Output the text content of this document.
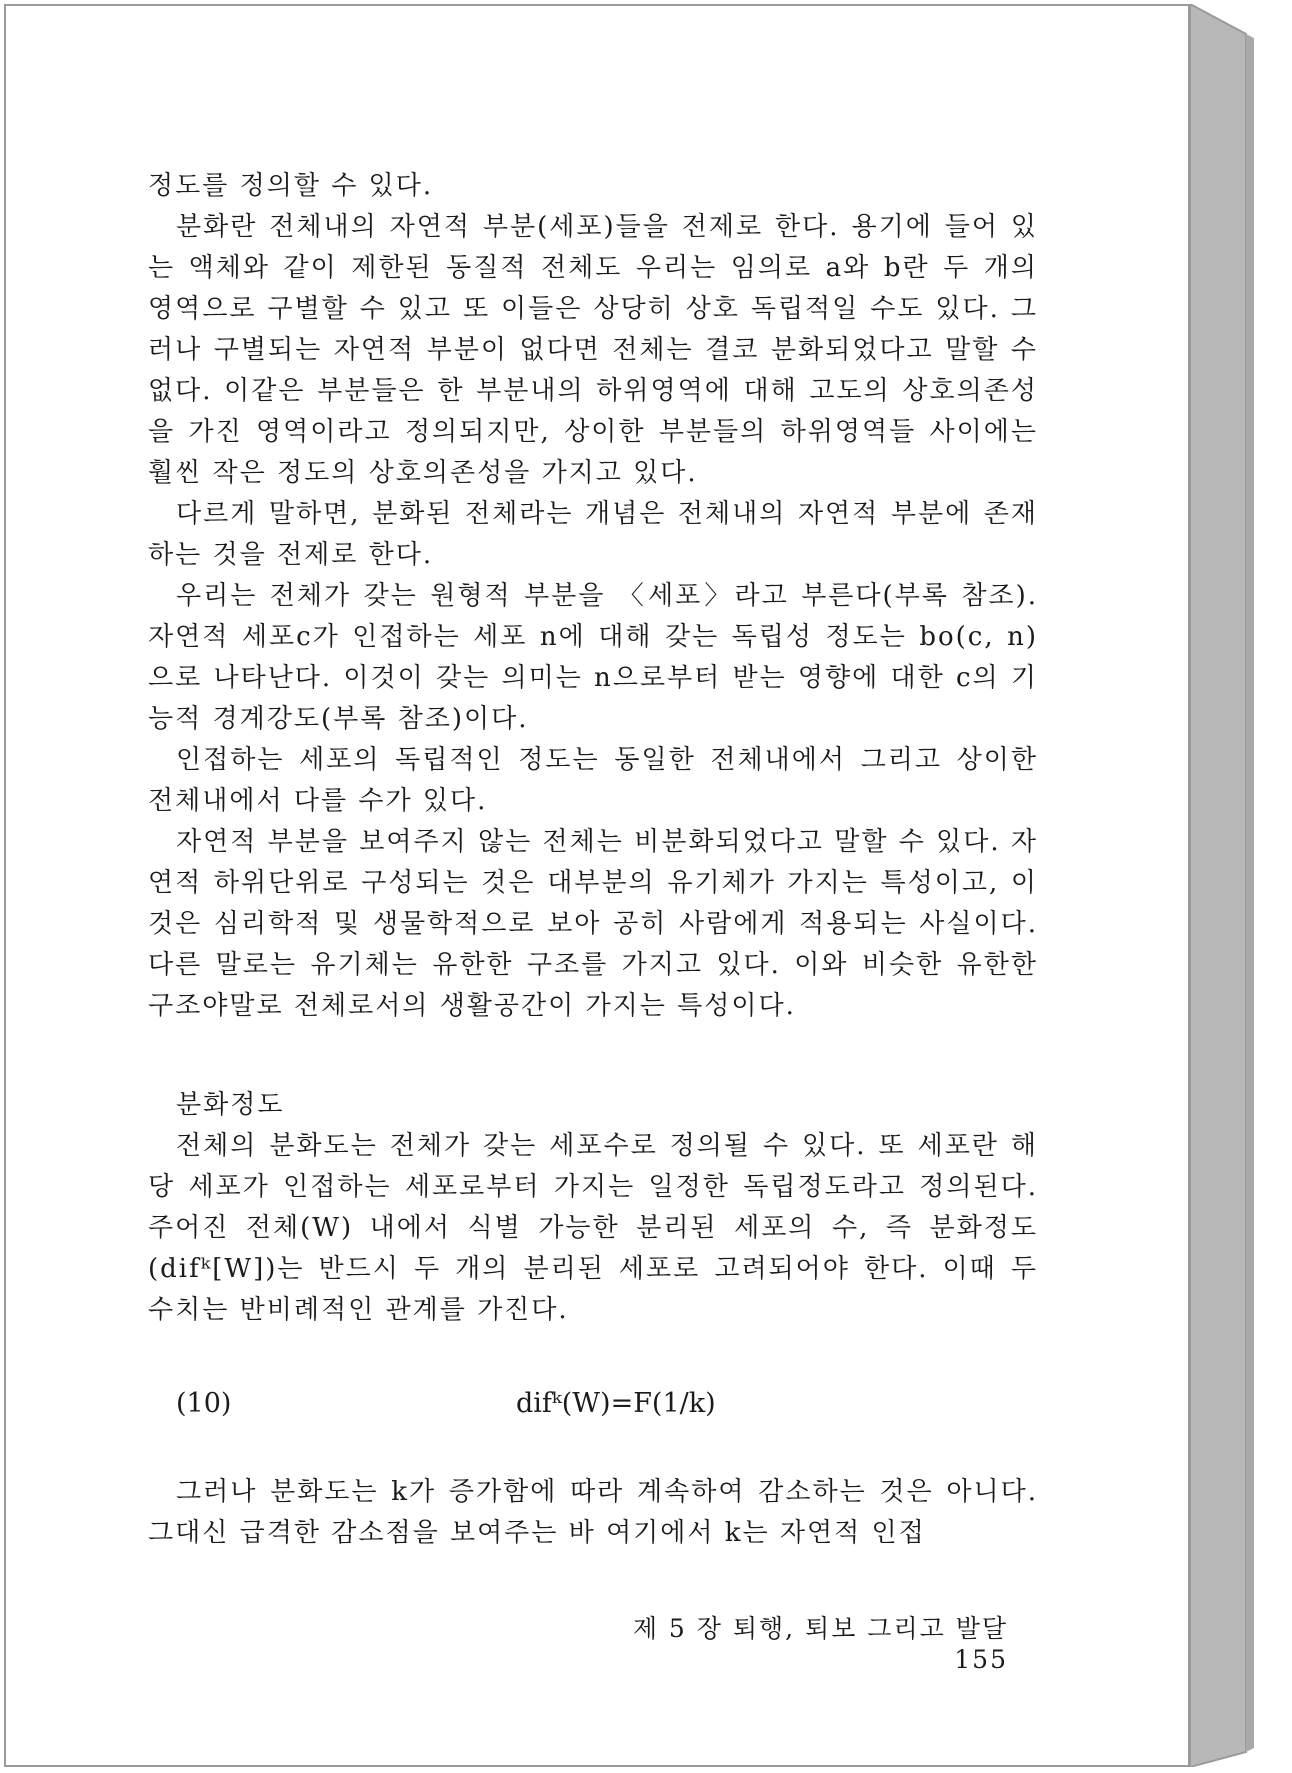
정도를 정의할 수 있다.

분화란 전체내의 자연적 부분(세포)들을 전제로 한다. 용기에 들어 있는 액체와 같이 제한된 동질적 전체도 우리는 임의로 a와 b란 두 개의 영역으로 구별할 수 있고 또 이들은 상당히 상호 독립적일 수도 있다. 그러나 구별되는 자연적 부분이 없다면 전체는 결코 분화되었다고 말할 수 없다. 이같은 부분들은 한 부분내의 하위영역에 대해 고도의 상호의존성을 가진 영역이라고 정의되지만, 상이한 부분들의 하위영역들 사이에는 훨씬 작은 정도의 상호의존성을 가지고 있다.

다르게 말하면, 분화된 전체라는 개념은 전체내의 자연적 부분에 존재하는 것을 전제로 한다.

우리는 전체가 갖는 원형적 부분을 〈세포〉라고 부른다(부록 참조). 자연적 세포c가 인접하는 세포 n에 대해 갖는 독립성 정도는 bo(c, n)으로 나타난다. 이것이 갖는 의미는 n으로부터 받는 영향에 대한 c의 기능적 경계강도(부록 참조)이다.

인접하는 세포의 독립적인 정도는 동일한 전체내에서 그리고 상이한 전체내에서 다를 수가 있다.

자연적 부분을 보여주지 않는 전체는 비분화되었다고 말할 수 있다. 자연적 하위단위로 구성되는 것은 대부분의 유기체가 가지는 특성이고, 이것은 심리학적 및 생물학적으로 보아 공히 사람에게 적용되는 사실이다. 다른 말로는 유기체는 유한한 구조를 가지고 있다. 이와 비슷한 유한한 구조야말로 전체로서의 생활공간이 가지는 특성이다.

분화정도

전체의 분화도는 전체가 갖는 세포수로 정의될 수 있다. 또 세포란 해당 세포가 인접하는 세포로부터 가지는 일정한 독립정도라고 정의된다. 주어진 전체(W) 내에서 식별 가능한 분리된 세포의 수, 즉 분화정도(difᵏ[W])는 반드시 두 개의 분리된 세포로 고려되어야 한다. 이때 두 수치는 반비례적인 관계를 가진다.

(10)	difᵏ(W)=F(1/k)

그러나 분화도는 k가 증가함에 따라 계속하여 감소하는 것은 아니다. 그대신 급격한 감소점을 보여주는 바 여기에서 k는 자연적 인접

제 5 장 퇴행, 퇴보 그리고 발달155
